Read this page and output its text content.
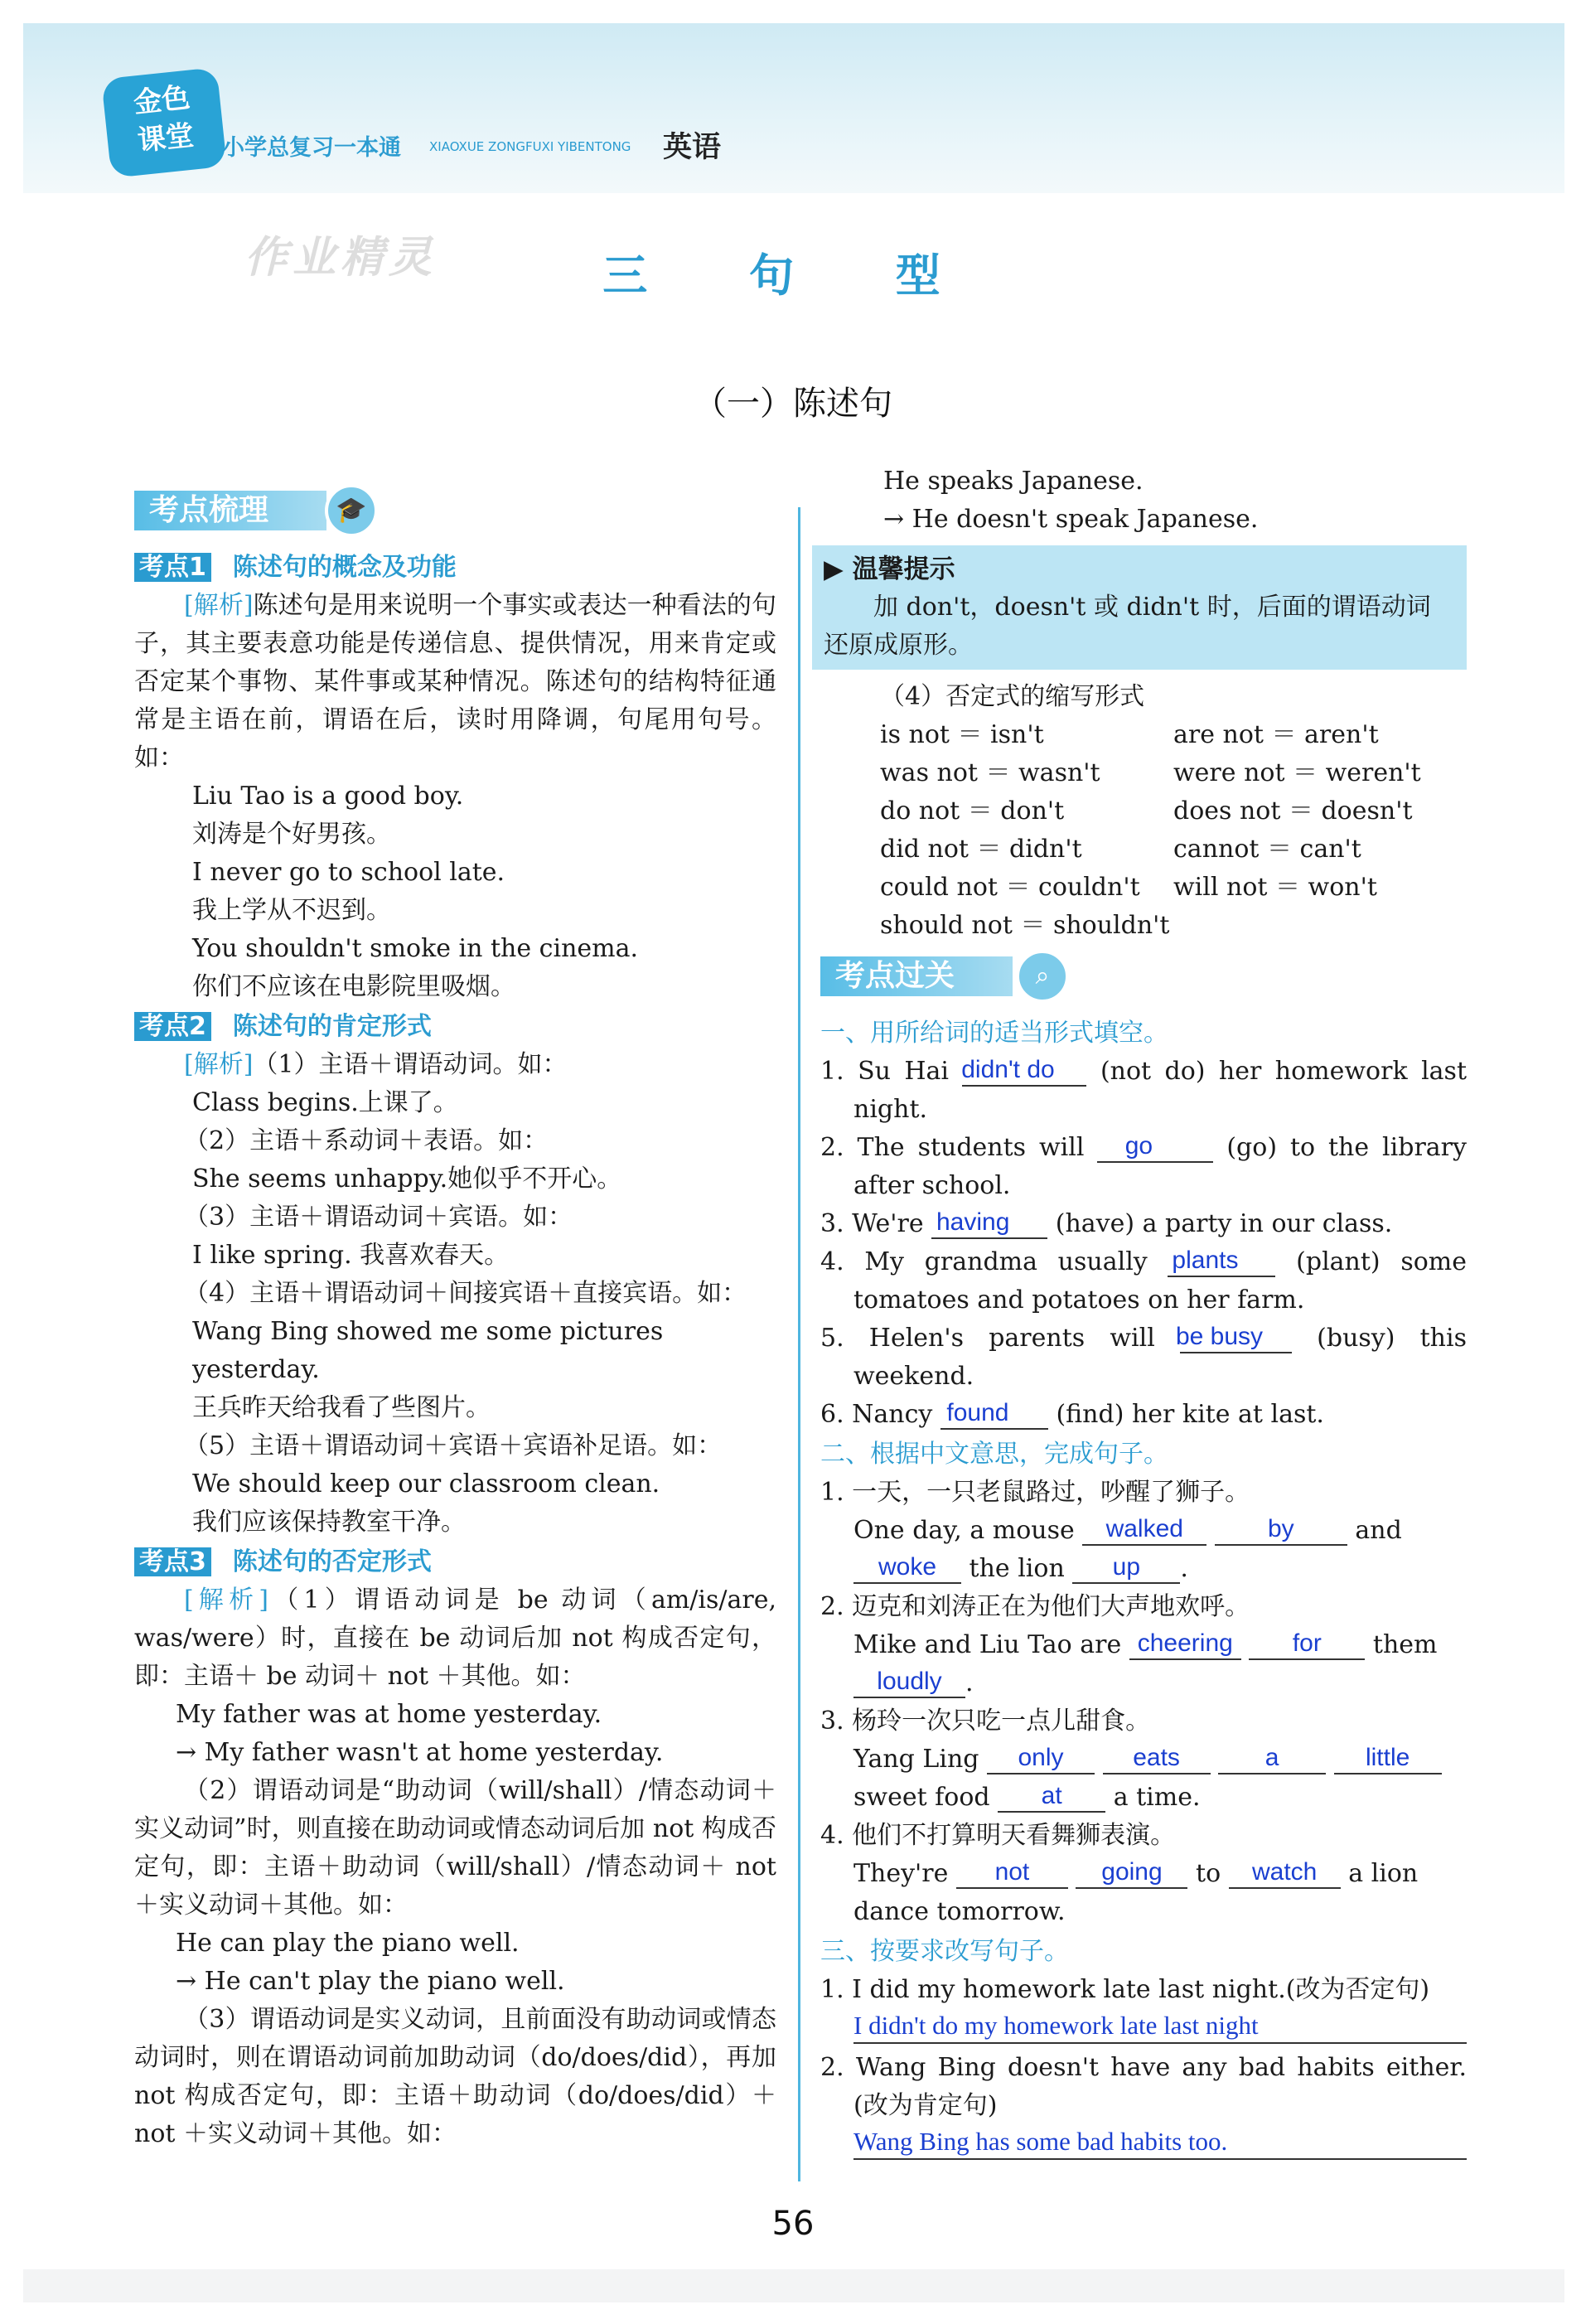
金色
课堂	小学总复习一本通 XIAOXUE ZONGFUXI YIBENTONG 英语
作业精灵	三 句 型
（一）陈述句
考点梳理	🎓
考点1 陈述句的概念及功能
[解析]陈述句是用来说明一个事实或表达一种看法的句子，其主要表意功能是传递信息、提供情况，用来肯定或否定某个事物、某件事或某种情况。陈述句的结构特征通常是主语在前，谓语在后，读时用降调，句尾用句号。如：
Liu Tao is a good boy.
刘涛是个好男孩。
I never go to school late.
我上学从不迟到。
You shouldn't smoke in the cinema.
你们不应该在电影院里吸烟。
考点2 陈述句的肯定形式
[解析]（1）主语＋谓语动词。如：
Class begins.上课了。
（2）主语＋系动词＋表语。如：
She seems unhappy.她似乎不开心。
（3）主语＋谓语动词＋宾语。如：
I like spring. 我喜欢春天。
（4）主语＋谓语动词＋间接宾语＋直接宾语。如：
Wang Bing showed me some pictures yesterday.
王兵昨天给我看了些图片。
（5）主语＋谓语动词＋宾语＋宾语补足语。如：
We should keep our classroom clean.
我们应该保持教室干净。
考点3 陈述句的否定形式
[解析]（1）谓语动词是 be 动词（am/is/are, was/were）时，直接在 be 动词后加 not 构成否定句，即：主语＋ be 动词＋ not ＋其他。如：
My father was at home yesterday.
→ My father wasn't at home yesterday.
（2）谓语动词是“助动词（will/shall）/情态动词＋实义动词”时，则直接在助动词或情态动词后加 not 构成否定句，即：主语＋助动词（will/shall）/情态动词＋ not ＋实义动词＋其他。如：
He can play the piano well.
→ He can't play the piano well.
（3）谓语动词是实义动词，且前面没有助动词或情态动词时，则在谓语动词前加助动词（do/does/did），再加 not 构成否定句，即：主语＋助动词（do/does/did）＋ not ＋实义动词＋其他。如：
He speaks Japanese.
→ He doesn't speak Japanese.
▶ 温馨提示
加 don't，doesn't 或 didn't 时，后面的谓语动词还原成原形。
（4）否定式的缩写形式
is not ＝ isn't	are not ＝ aren't
was not ＝ wasn't	were not ＝ weren't
do not ＝ don't	does not ＝ doesn't
did not ＝ didn't	cannot ＝ can't
could not ＝ couldn't	will not ＝ won't
should not ＝ shouldn't
考点过关	⌕
一、用所给词的适当形式填空。
1. Su Hai didn't do (not do) her homework last night.
2. The students will go	(go) to the library after school.
3. We're having (have) a party in our class.
4. My grandma usually plants (plant) some tomatoes and potatoes on her farm.
5. Helen's parents will be busy (busy) this weekend.
6. Nancy found (find) her kite at last.
二、根据中文意思，完成句子。
1. 一天，一只老鼠路过，吵醒了狮子。
One day, a mouse walked	by and
woke the lion up .
2. 迈克和刘涛正在为他们大声地欢呼。
Mike and Liu Tao are cheering for them
loudly .
3. 杨玲一次只吃一点儿甜食。
Yang Ling only	eats	a	little
sweet food at a time.
4. 他们不打算明天看舞狮表演。
They're not	going to watch a lion dance tomorrow.
三、按要求改写句子。
1. I did my homework late last night.(改为否定句)
I didn't do my homework late last night
2. Wang Bing doesn't have any bad habits either.(改为肯定句)
Wang Bing has some bad habits too.
56
